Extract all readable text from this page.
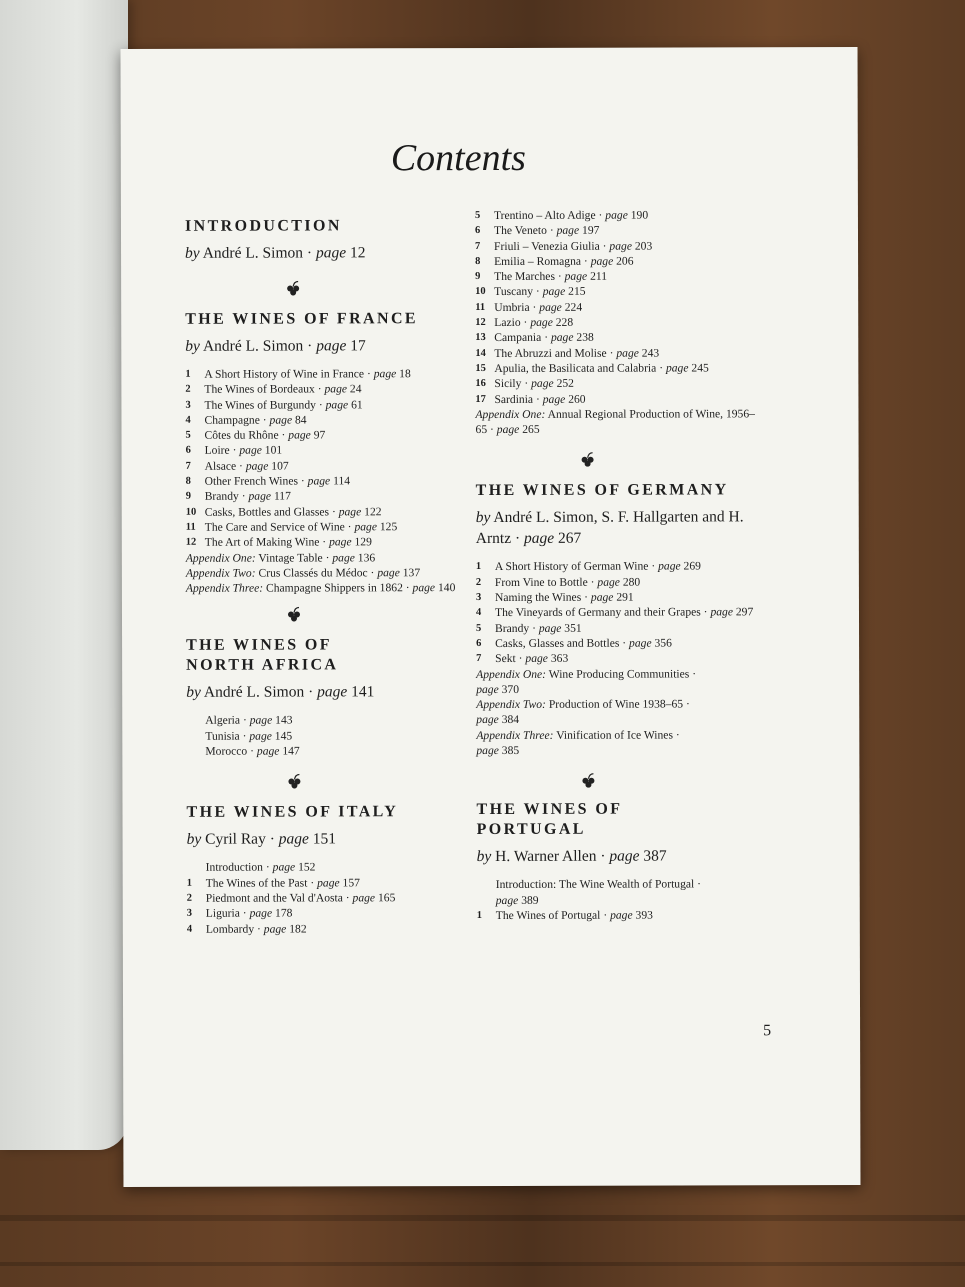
Contents
INTRODUCTION
by André L. Simon · page 12
THE WINES OF FRANCE
by André L. Simon · page 17
1	A Short History of Wine in France · page 18
2	The Wines of Bordeaux · page 24
3	The Wines of Burgundy · page 61
4	Champagne · page 84
5	Côtes du Rhône · page 97
6	Loire · page 101
7	Alsace · page 107
8	Other French Wines · page 114
9	Brandy · page 117
10 Casks, Bottles and Glasses · page 122
11 The Care and Service of Wine · page 125
12 The Art of Making Wine · page 129
Appendix One: Vintage Table · page 136
Appendix Two: Crus Classés du Médoc · page 137
Appendix Three: Champagne Shippers in 1862 · page 140
THE WINES OF
NORTH AFRICA
by André L. Simon · page 141
Algeria · page 143
Tunisia · page 145
Morocco · page 147
THE WINES OF ITALY
by Cyril Ray · page 151
Introduction · page 152
1	The Wines of the Past · page 157
2	Piedmont and the Val d'Aosta · page 165
3	Liguria · page 178
4	Lombardy · page 182
5	Trentino – Alto Adige · page 190
6	The Veneto · page 197
7	Friuli – Venezia Giulia · page 203
8	Emilia – Romagna · page 206
9	The Marches · page 211
10 Tuscany · page 215
11 Umbria · page 224
12 Lazio · page 228
13 Campania · page 238
14 The Abruzzi and Molise · page 243
15 Apulia, the Basilicata and Calabria · page 245
16 Sicily · page 252
17 Sardinia · page 260
Appendix One: Annual Regional Production of Wine, 1956–65 · page 265
THE WINES OF GERMANY
by André L. Simon, S. F. Hallgarten and H. Arntz · page 267
1	A Short History of German Wine · page 269
2	From Vine to Bottle · page 280
3	Naming the Wines · page 291
4	The Vineyards of Germany and their Grapes · page 297
5	Brandy · page 351
6	Casks, Glasses and Bottles · page 356
7	Sekt · page 363
Appendix One: Wine Producing Communities · page 370
Appendix Two: Production of Wine 1938–65 · page 384
Appendix Three: Vinification of Ice Wines · page 385
THE WINES OF
PORTUGAL
by H. Warner Allen · page 387
Introduction: The Wine Wealth of Portugal · page 389
1	The Wines of Portugal · page 393
5
